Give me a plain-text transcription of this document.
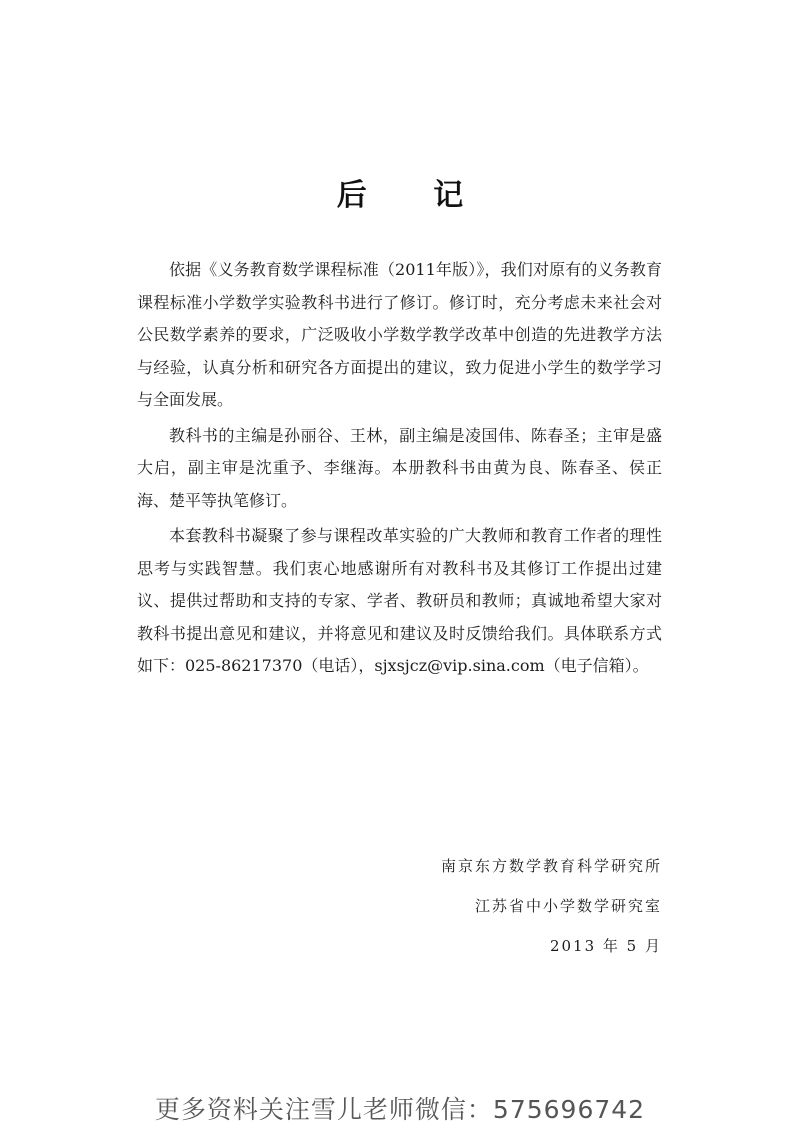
后 记

依据《义务教育数学课程标准（2011年版）》，我们对原有的义务教育课程标准小学数学实验教科书进行了修订。修订时，充分考虑未来社会对公民数学素养的要求，广泛吸收小学数学教学改革中创造的先进教学方法与经验，认真分析和研究各方面提出的建议，致力促进小学生的数学学习与全面发展。

教科书的主编是孙丽谷、王林，副主编是凌国伟、陈春圣；主审是盛大启，副主审是沈重予、李继海。本册教科书由黄为良、陈春圣、侯正海、楚平等执笔修订。

本套教科书凝聚了参与课程改革实验的广大教师和教育工作者的理性思考与实践智慧。我们衷心地感谢所有对教科书及其修订工作提出过建议、提供过帮助和支持的专家、学者、教研员和教师；真诚地希望大家对教科书提出意见和建议，并将意见和建议及时反馈给我们。具体联系方式如下：025-86217370（电话），sjxsjcz@vip.sina.com（电子信箱）。

南京东方数学教育科学研究所
江苏省中小学数学研究室
2013 年 5 月
更多资料关注雪儿老师微信：575696742
